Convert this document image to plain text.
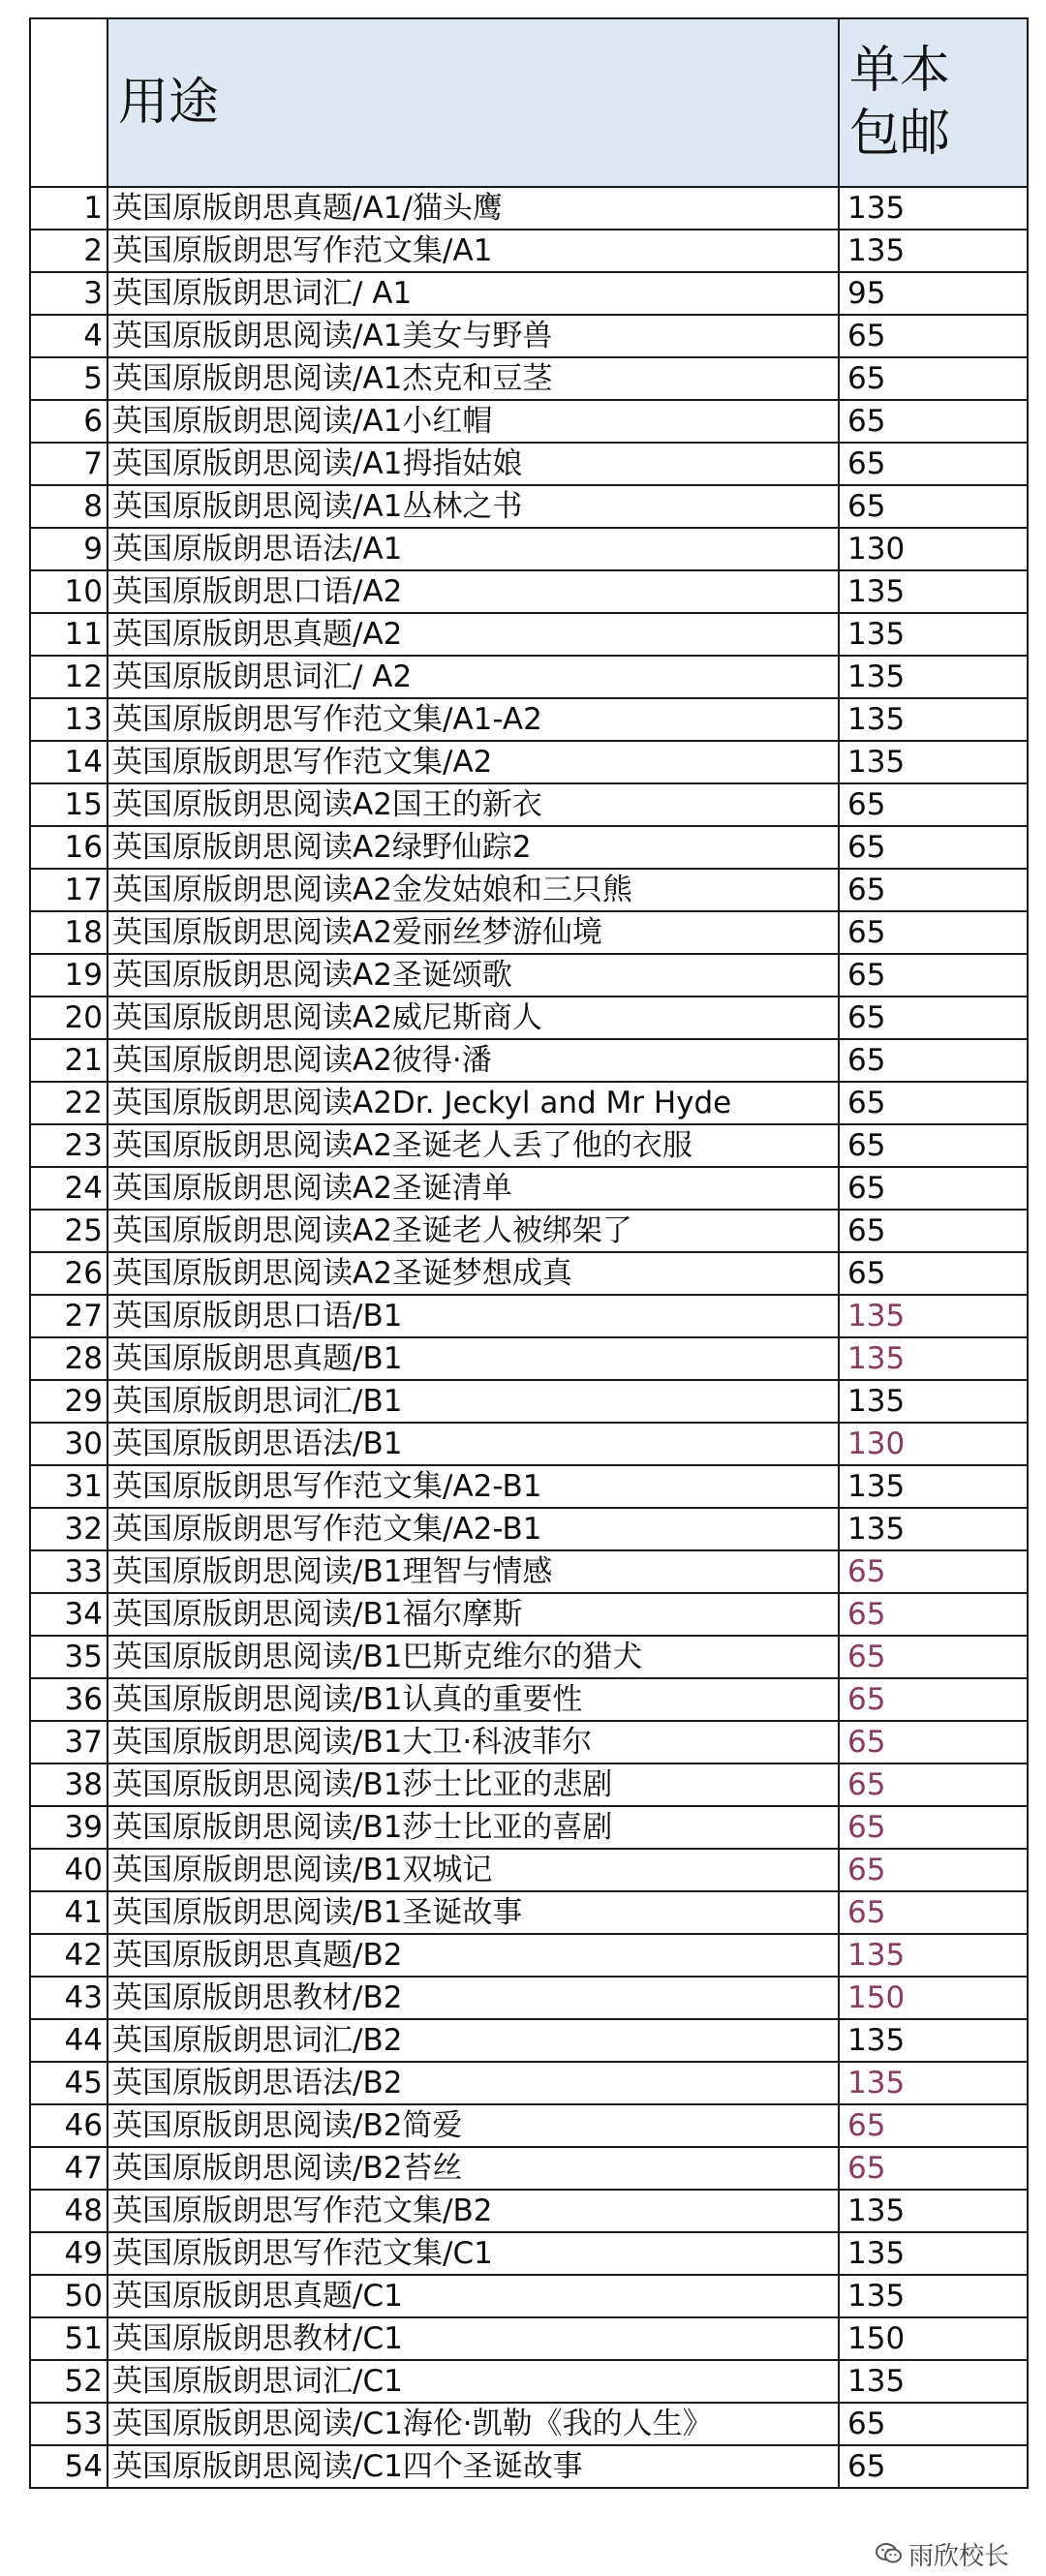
	用途	单本包邮
1	英国原版朗思真题/A1/猫头鹰	135
2	英国原版朗思写作范文集/A1	135
3	英国原版朗思词汇/ A1	95
4	英国原版朗思阅读/A1美女与野兽	65
5	英国原版朗思阅读/A1杰克和豆茎	65
6	英国原版朗思阅读/A1小红帽	65
7	英国原版朗思阅读/A1拇指姑娘	65
8	英国原版朗思阅读/A1丛林之书	65
9	英国原版朗思语法/A1	130
10	英国原版朗思口语/A2	135
11	英国原版朗思真题/A2	135
12	英国原版朗思词汇/ A2	135
13	英国原版朗思写作范文集/A1-A2	135
14	英国原版朗思写作范文集/A2	135
15	英国原版朗思阅读A2国王的新衣	65
16	英国原版朗思阅读A2绿野仙踪2	65
17	英国原版朗思阅读A2金发姑娘和三只熊	65
18	英国原版朗思阅读A2爱丽丝梦游仙境	65
19	英国原版朗思阅读A2圣诞颂歌	65
20	英国原版朗思阅读A2威尼斯商人	65
21	英国原版朗思阅读A2彼得·潘	65
22	英国原版朗思阅读A2Dr. Jeckyl and Mr Hyde	65
23	英国原版朗思阅读A2圣诞老人丢了他的衣服	65
24	英国原版朗思阅读A2圣诞清单	65
25	英国原版朗思阅读A2圣诞老人被绑架了	65
26	英国原版朗思阅读A2圣诞梦想成真	65
27	英国原版朗思口语/B1	135
28	英国原版朗思真题/B1	135
29	英国原版朗思词汇/B1	135
30	英国原版朗思语法/B1	130
31	英国原版朗思写作范文集/A2-B1	135
32	英国原版朗思写作范文集/A2-B1	135
33	英国原版朗思阅读/B1理智与情感	65
34	英国原版朗思阅读/B1福尔摩斯	65
35	英国原版朗思阅读/B1巴斯克维尔的猎犬	65
36	英国原版朗思阅读/B1认真的重要性	65
37	英国原版朗思阅读/B1大卫·科波菲尔	65
38	英国原版朗思阅读/B1莎士比亚的悲剧	65
39	英国原版朗思阅读/B1莎士比亚的喜剧	65
40	英国原版朗思阅读/B1双城记	65
41	英国原版朗思阅读/B1圣诞故事	65
42	英国原版朗思真题/B2	135
43	英国原版朗思教材/B2	150
44	英国原版朗思词汇/B2	135
45	英国原版朗思语法/B2	135
46	英国原版朗思阅读/B2简爱	65
47	英国原版朗思阅读/B2苔丝	65
48	英国原版朗思写作范文集/B2	135
49	英国原版朗思写作范文集/C1	135
50	英国原版朗思真题/C1	135
51	英国原版朗思教材/C1	150
52	英国原版朗思词汇/C1	135
53	英国原版朗思阅读/C1海伦·凯勒《我的人生》	65
54	英国原版朗思阅读/C1四个圣诞故事	65
雨欣校长
